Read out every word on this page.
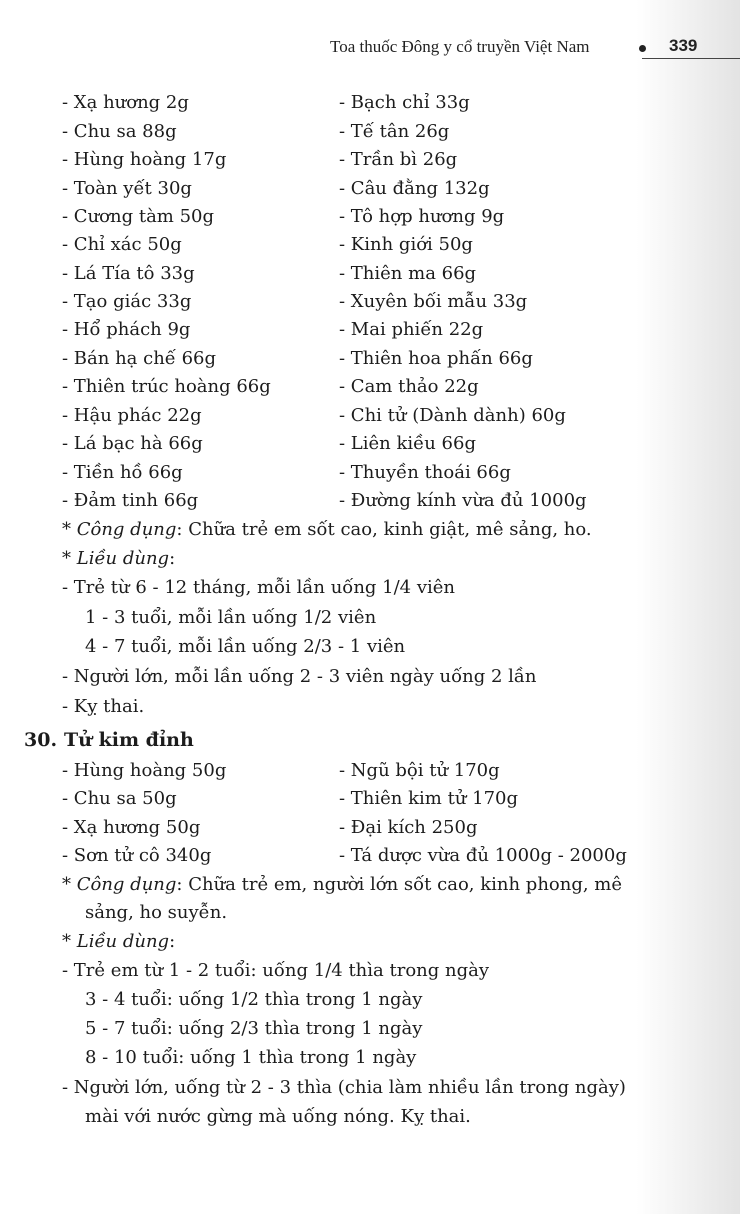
Toa thuốc Đông y cổ truyền Việt Nam	339
- Xạ hương 2g	- Bạch chỉ 33g
- Chu sa 88g	- Tế tân 26g
- Hùng hoàng 17g	- Trần bì 26g
- Toàn yết 30g	- Câu đằng 132g
- Cương tàm 50g	- Tô hợp hương 9g
- Chỉ xác 50g	- Kinh giới 50g
- Lá Tía tô 33g	- Thiên ma 66g
- Tạo giác 33g	- Xuyên bối mẫu 33g
- Hổ phách 9g	- Mai phiến 22g
- Bán hạ chế 66g	- Thiên hoa phấn 66g
- Thiên trúc hoàng 66g	- Cam thảo 22g
- Hậu phác 22g	- Chi tử (Dành dành) 60g
- Lá bạc hà 66g	- Liên kiều 66g
- Tiền hồ 66g	- Thuyền thoái 66g
- Đảm tinh 66g	- Đường kính vừa đủ 1000g
* Công dụng: Chữa trẻ em sốt cao, kinh giật, mê sảng, ho.
* Liều dùng:
- Trẻ từ 6 - 12 tháng, mỗi lần uống 1/4 viên
1 - 3 tuổi, mỗi lần uống 1/2 viên
4 - 7 tuổi, mỗi lần uống 2/3 - 1 viên
- Người lớn, mỗi lần uống 2 - 3 viên ngày uống 2 lần
- Kỵ thai.
30. Tử kim đỉnh
- Hùng hoàng 50g	- Ngũ bội tử 170g
- Chu sa 50g	- Thiên kim tử 170g
- Xạ hương 50g	- Đại kích 250g
- Sơn tử cô 340g	- Tá dược vừa đủ 1000g - 2000g
* Công dụng: Chữa trẻ em, người lớn sốt cao, kinh phong, mê
sảng, ho suyễn.
* Liều dùng:
- Trẻ em từ 1 - 2 tuổi: uống 1/4 thìa trong ngày
3 - 4 tuổi: uống 1/2 thìa trong 1 ngày
5 - 7 tuổi: uống 2/3 thìa trong 1 ngày
8 - 10 tuổi: uống 1 thìa trong 1 ngày
- Người lớn, uống từ 2 - 3 thìa (chia làm nhiều lần trong ngày)
mài với nước gừng mà uống nóng. Kỵ thai.
